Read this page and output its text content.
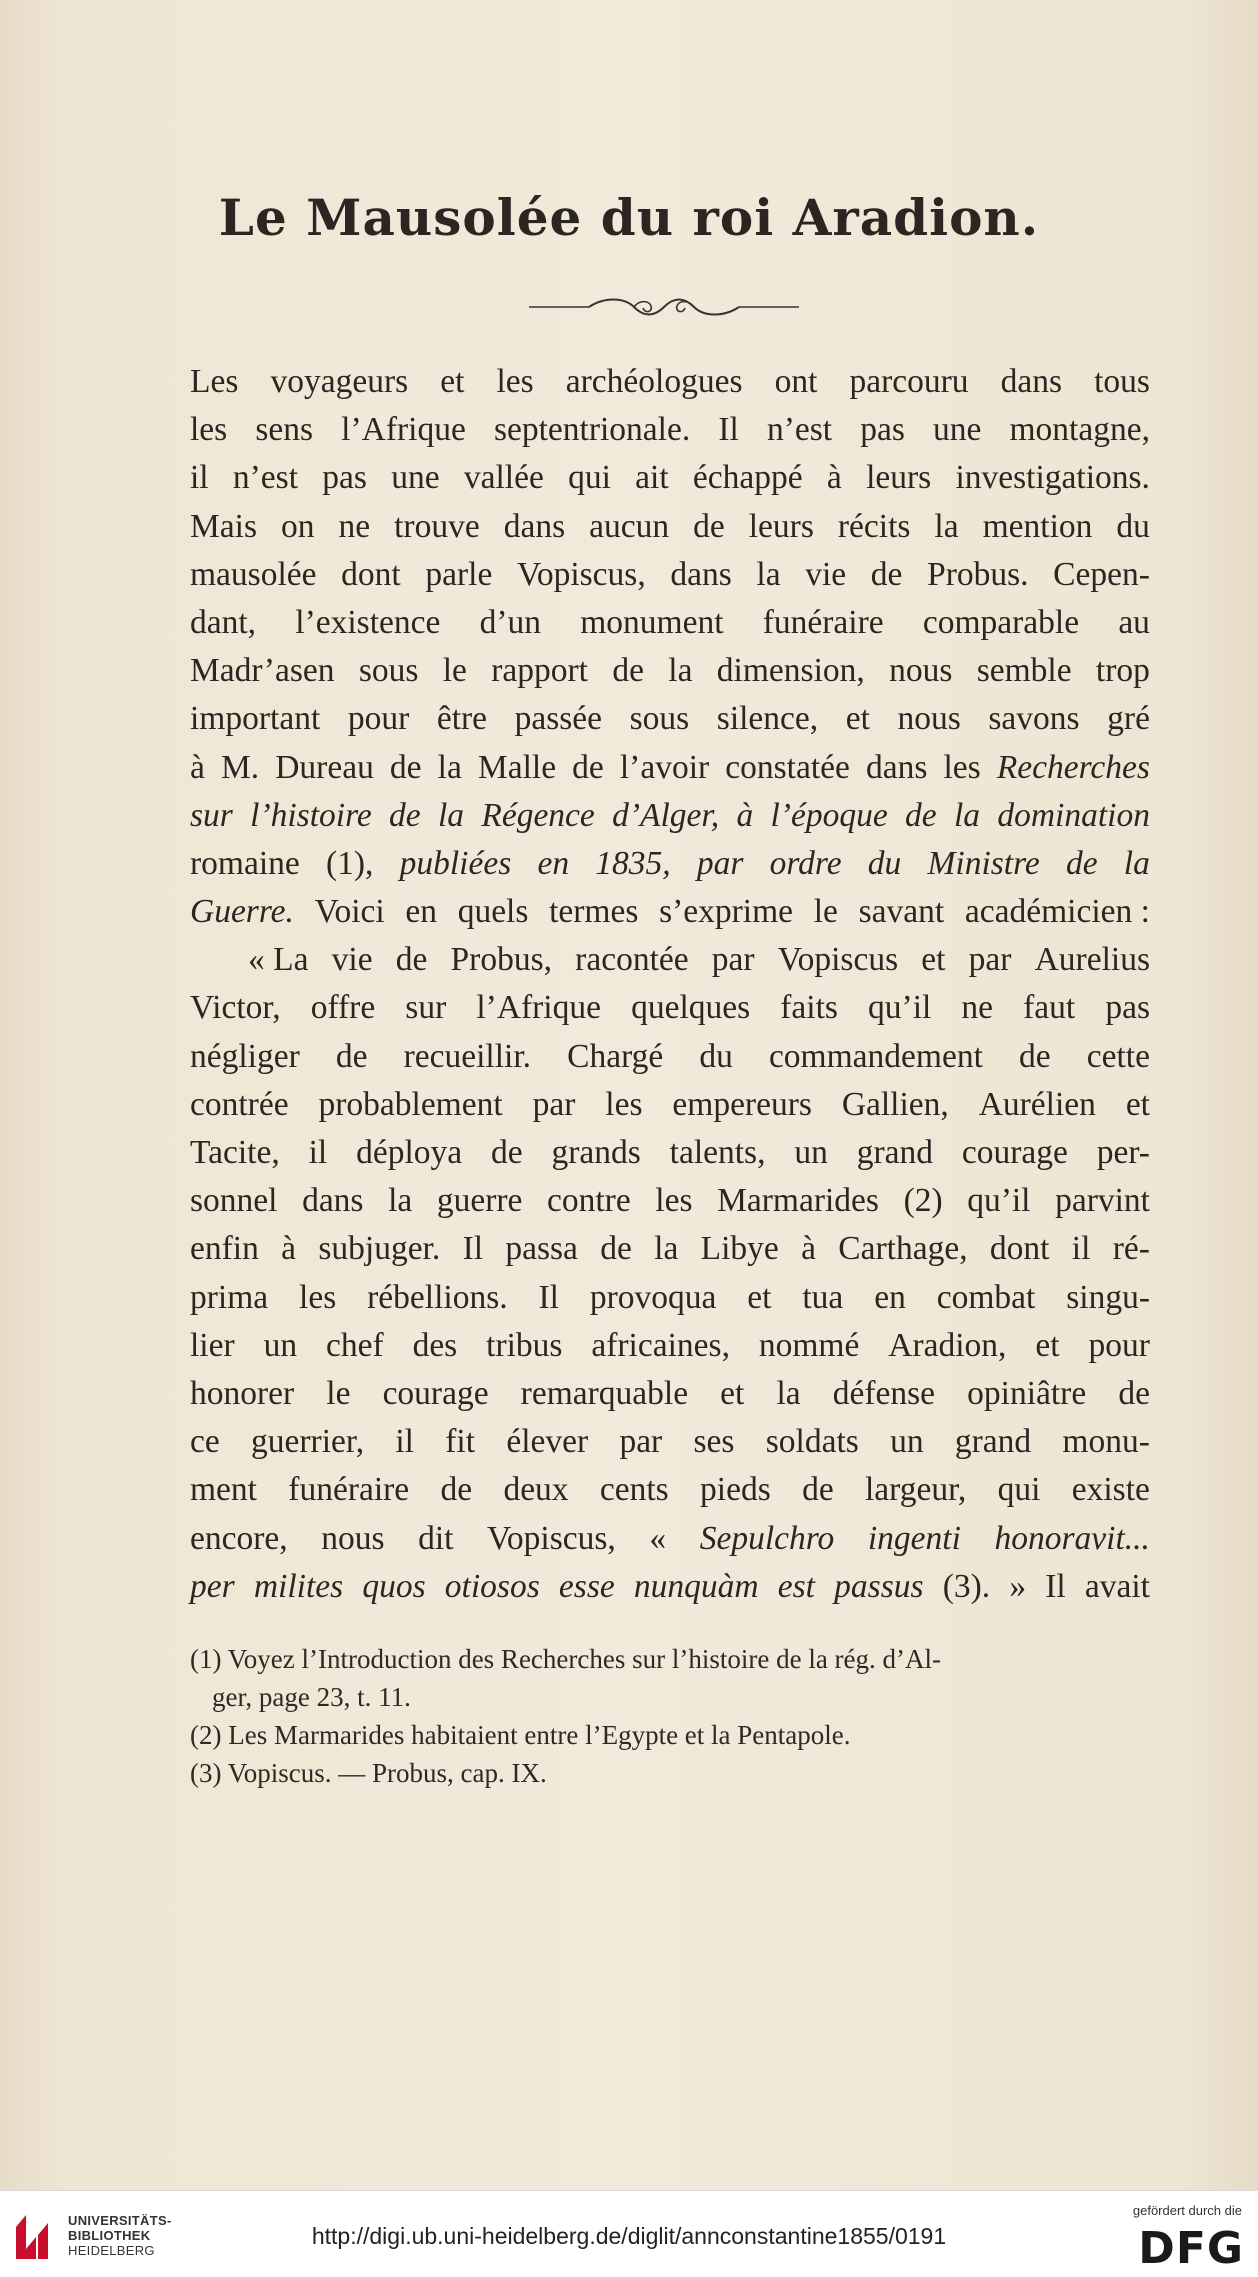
Le Mausolée du roi Aradion.
Les voyageurs et les archéologues ont parcouru dans tous
les sens l’Afrique septentrionale. Il n’est pas une montagne,
il n’est pas une vallée qui ait échappé à leurs investigations.
Mais on ne trouve dans aucun de leurs récits la mention du
mausolée dont parle Vopiscus, dans la vie de Probus. Cepen-
dant, l’existence d’un monument funéraire comparable au
Madr’asen sous le rapport de la dimension, nous semble trop
important pour être passée sous silence, et nous savons gré
à M. Dureau de la Malle de l’avoir constatée dans les Recherches
sur l’histoire de la Régence d’Alger, à l’époque de la domination
romaine (1), publiées en 1835, par ordre du Ministre de la
Guerre. Voici en quels termes s’exprime le savant académicien :
« La vie de Probus, racontée par Vopiscus et par Aurelius
Victor, offre sur l’Afrique quelques faits qu’il ne faut pas
négliger de recueillir. Chargé du commandement de cette
contrée probablement par les empereurs Gallien, Aurélien et
Tacite, il déploya de grands talents, un grand courage per-
sonnel dans la guerre contre les Marmarides (2) qu’il parvint
enfin à subjuger. Il passa de la Libye à Carthage, dont il ré-
prima les rébellions. Il provoqua et tua en combat singu-
lier un chef des tribus africaines, nommé Aradion, et pour
honorer le courage remarquable et la défense opiniâtre de
ce guerrier, il fit élever par ses soldats un grand monu-
ment funéraire de deux cents pieds de largeur, qui existe
encore, nous dit Vopiscus, « Sepulchro ingenti honoravit...
per milites quos otiosos esse nunquàm est passus (3). » Il avait
(1) Voyez l’Introduction des Recherches sur l’histoire de la rég. d’Al-
ger, page 23, t. 11.
(2) Les Marmarides habitaient entre l’Egypte et la Pentapole.
(3) Vopiscus. — Probus, cap. IX.
UNIVERSITÄTS-
BIBLIOTHEK
HEIDELBERG
http://digi.ub.uni-heidelberg.de/diglit/annconstantine1855/0191
gefördert durch die
DFG
